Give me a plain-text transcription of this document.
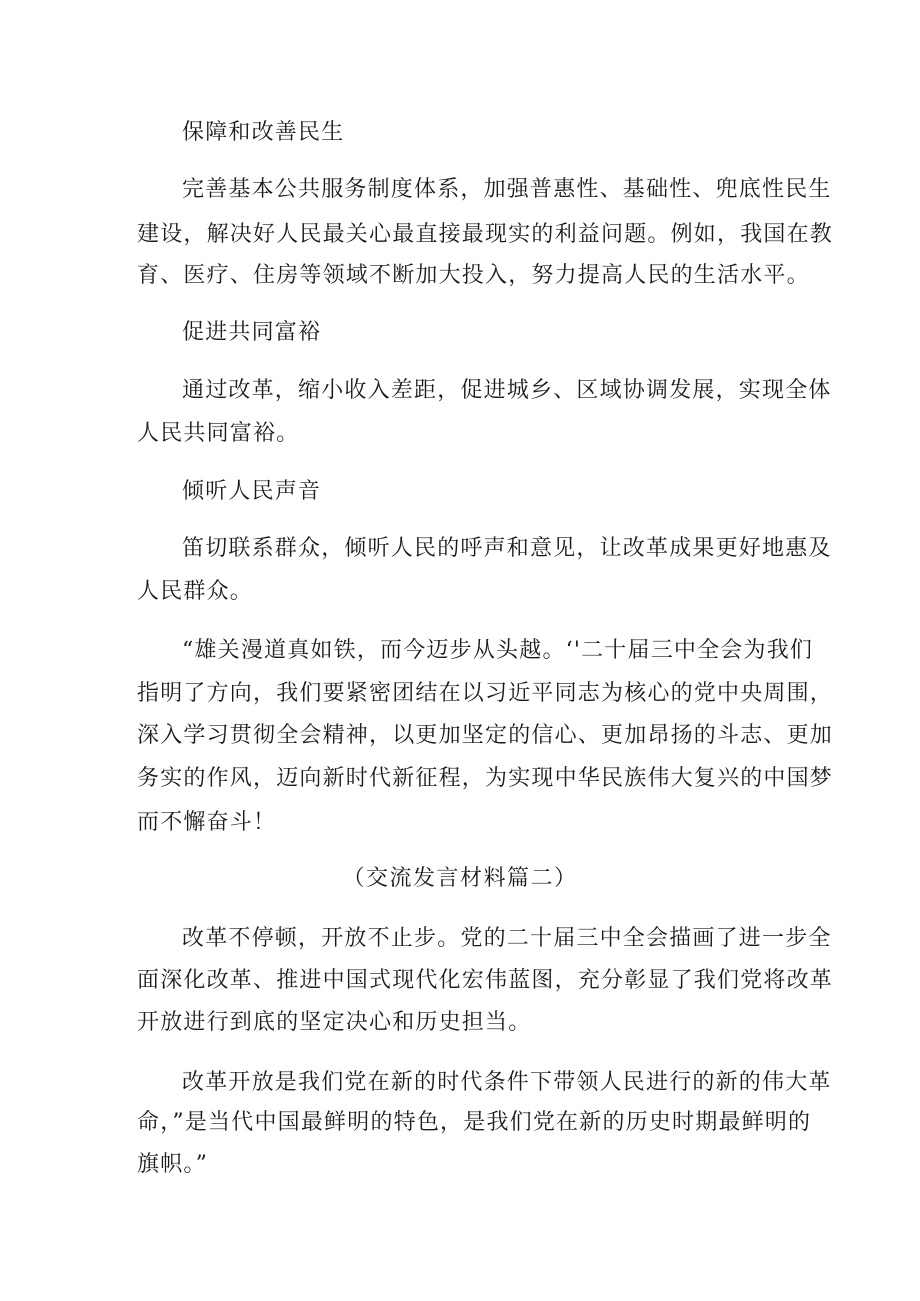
保障和改善民生
完善基本公共服务制度体系，加强普惠性、基础性、兜底性民生
建设，解决好人民最关心最直接最现实的利益问题。例如，我国在教
育、医疗、住房等领域不断加大投入，努力提高人民的生活水平。
促进共同富裕
通过改革，缩小收入差距，促进城乡、区域协调发展，实现全体
人民共同富裕。
倾听人民声音
笛切联系群众，倾听人民的呼声和意见，让改革成果更好地惠及
人民群众。
“雄关漫道真如铁，而今迈步从头越。‘'二十届三中全会为我们
指明了方向，我们要紧密团结在以习近平同志为核心的党中央周围，
深入学习贯彻全会精神，以更加坚定的信心、更加昂扬的斗志、更加
务实的作风，迈向新时代新征程，为实现中华民族伟大复兴的中国梦
而不懈奋斗！
（交流发言材料篇二）
改革不停顿，开放不止步。党的二十届三中全会描画了进一步全
面深化改革、推进中国式现代化宏伟蓝图，充分彰显了我们党将改革
开放进行到底的坚定决心和历史担当。
改革开放是我们党在新的时代条件下带领人民进行的新的伟大革
命，”是当代中国最鲜明的特色，是我们党在新的历史时期最鲜明的
旗帜。”
